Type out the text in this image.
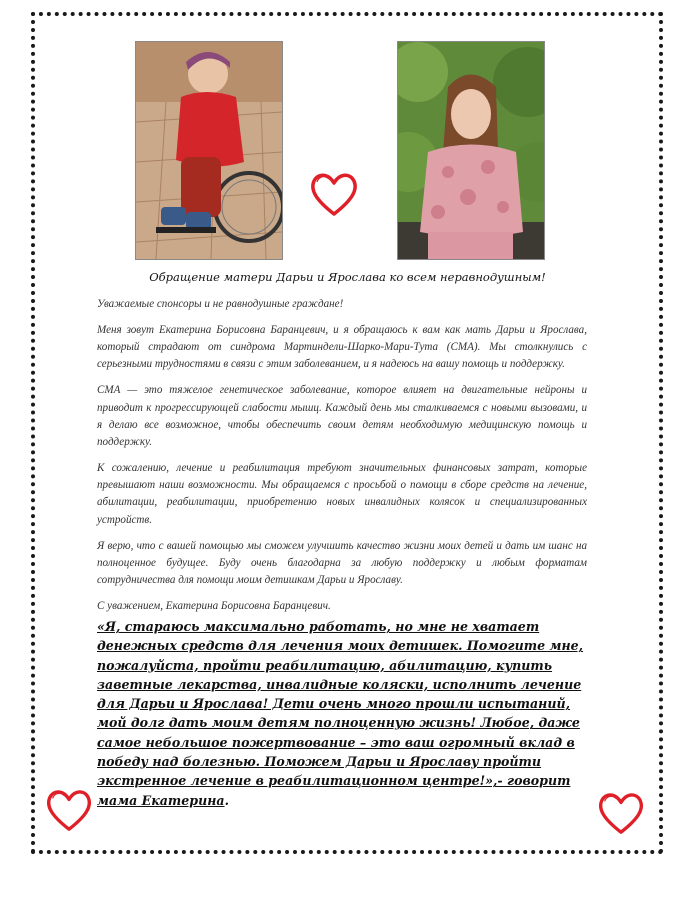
Обращение матери Дарьи и Ярослава ко всем неравнодушным!

Уважаемые спонсоры и не равнодушные граждане!

Меня зовут Екатерина Борисовна Баранцевич, и я обращаюсь к вам как мать Дарьи и Ярослава, который страдают от синдрома Мартиндели-Шарко-Мари-Тута (СМА). Мы столкнулись с серьезными трудностями в связи с этим заболеванием, и я надеюсь на вашу помощь и поддержку.

СМА — это тяжелое генетическое заболевание, которое влияет на двигательные нейроны и приводит к прогрессирующей слабости мышц. Каждый день мы сталкиваемся с новыми вызовами, и я делаю все возможное, чтобы обеспечить своим детям необходимую медицинскую помощь и поддержку.

К сожалению, лечение и реабилитация требуют значительных финансовых затрат, которые превышают наши возможности. Мы обращаемся с просьбой о помощи в сборе средств на лечение, абилитации, реабилитации, приобретению новых инвалидных колясок и специализированных устройств.

Я верю, что с вашей помощью мы сможем улучшить качество жизни моих детей и дать им шанс на полноценное будущее. Буду очень благодарна за любую поддержку и любым форматам сотрудничества для помощи моим детишкам Дарьи и Ярославу.

С уважением, Екатерина Борисовна Баранцевич.

«Я, стараюсь максимально работать, но мне не хватает денежных средств для лечения моих детишек. Помогите мне, пожалуйста, пройти реабилитацию, абилитацию, купить заветные лекарства, инвалидные коляски, исполнить лечение для Дарьи и Ярослава! Дети очень много прошли испытаний, мой долг дать моим детям полноценную жизнь! Любое, даже самое небольшое пожертвование – это ваш огромный вклад в победу над болезнью. Поможем Дарьи и Ярославу пройти экстренное лечение в реабилитационном центре!»,- говорит мама Екатерина.
